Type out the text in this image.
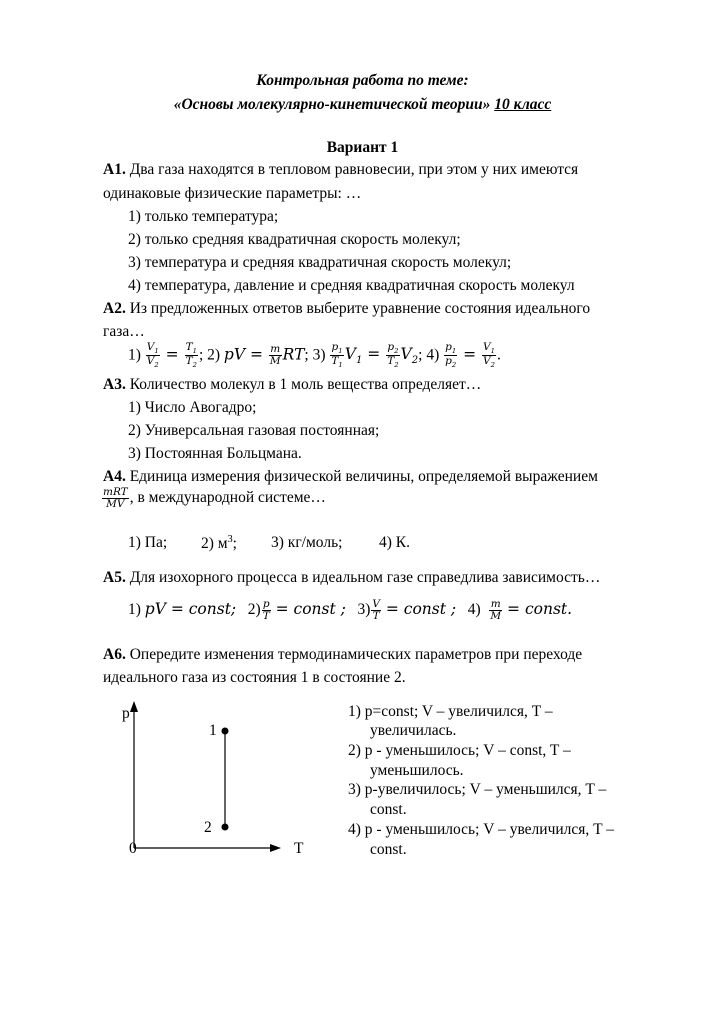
Контрольная работа по теме:
«Основы молекулярно-кинетической теории» 10 класс
Вариант 1
А1. Два газа находятся в тепловом равновесии, при этом у них имеются
одинаковые физические параметры: …
1) только температура;
2) только средняя квадратичная скорость молекул;
3) температура и средняя квадратичная скорость молекул;
4) температура, давление и средняя квадратичная скорость молекул
А2. Из предложенных ответов выберите уравнение состояния идеального
газа…
$1) \frac{V_1}{V_2} = \frac{T_1}{T_2}$ ; 2) pV = $\frac{m}{M}$ RT; $3) \frac{p_1}{T_1} V_1 = \frac{p_2}{T_2} V_2$; $4) \frac{p_1}{p_2} = \frac{V_1}{V_2}$ .
А3. Количество молекул в 1 моль вещества определяет…
1) Число Авогадро;
2) Универсальная газовая постоянная;
3) Постоянная Больцмана.
А4. Единица измерения физической величины, определяемой выражением
$\frac{\text{mRT}}{MV}$ , в международной системе…
1) Па; 2) $м^3$; 3) кг/моль; 4) К.
А5. Для изохорного процесса в идеальном газе справедлива зависимость…
1) pV = const; $2) \frac{p}{T}$ = const ; $3) \frac{V}{T}$ = const ; $4) \frac{m}{M}$ = const.
А6. Опередите изменения термодинамических параметров при переходе
идеального газа из состояния 1 в состояние 2.
p
T
0
1
2
1) p=const; V – увеличился, T –
увеличилась.
2) p - уменьшилось; V – const, T –
уменьшилось.
3) p-увеличилось; V – уменьшился, T –
const.
4) p - уменьшилось; V – увеличился, T –
const.
